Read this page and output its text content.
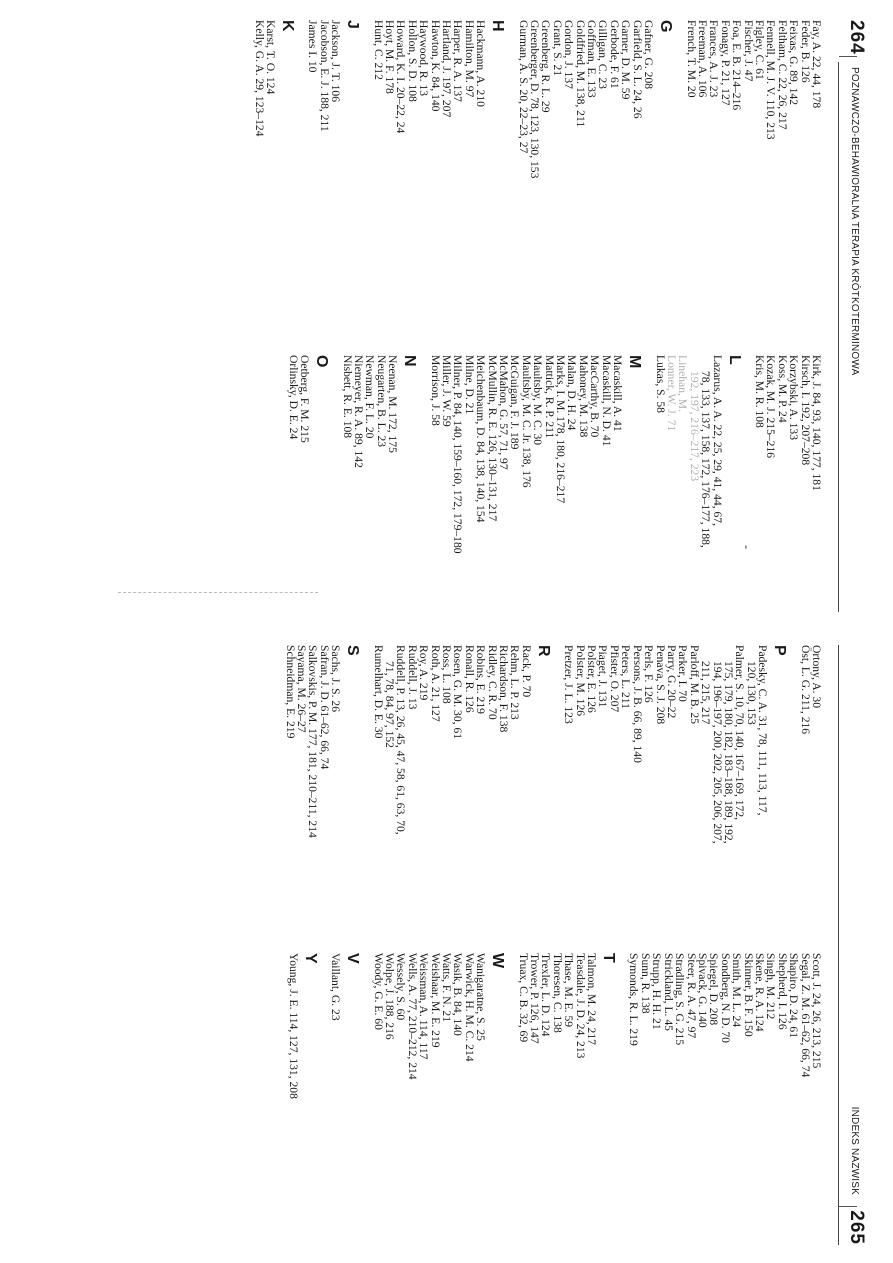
264
POZNAWCZO-BEHAWIORALNA TERAPIA KRÓTKOTERMINOWA
Fay, A. 22, 44, 178
Feder, B. 126
Feixas, G. 89, 142
Feltham, C. 22, 26, 217
Fennell, M. J. V. 110, 213
Figley, C. 61
Fischer, J. 47
Foa, E. B. 214–216
Fonagy, P. 21, 127
Frances, A. J. 23
Freeman, A. 106
French, T. M. 20
G
Gafner, G. 208
Garfield, S. L. 24, 26
Garner, D. M. 59
Gerbode, F. 61
Gilligan, C. 23
Goffman, E. 133
Goldfried, M. 138, 211
Gordon, J. 137
Grant, S. 21
Greenberg, R. L. 29
Greenberger, D. 78, 123, 130, 153
Gurman, A. S. 20, 22–23, 27
H
Hackmann, A. 210
Hamilton, M. 97
Harper, R. A. 137
Hartland, J. 197, 207
Hawton, K. 84, 140
Haywood, R. 13
Hollon, S. D. 108
Howard, K. I. 20–22, 24
Hoyt, M. F. 178
Hunt, C. 212
J
Jackson, J. T. 106
Jacobson, E. J. 188, 211
James I. 10
K
Karst, T. O. 124
Kelly, G. A. 29, 123–124
Kirk, J. 84, 93, 140, 177, 181
Kirsch, I. 192, 207–208
Korzybski, A. 133
Koss, M. P. 24
Kozak, M. J. 215–216
Kris, M. R. 108
L
Lazarus, A. A. 22, 25, 29, 41, 44, 67,
78, 133, 137, 158, 172, 176–177, 188,
192, 197, 216–217, 223
Linehan, M.
Lonner, W. J. 71
Lukas, S. 58
M
Macaskill, A. 41
Macaskill, N. D. 41
MacCarthy, B. 70
Mahoney, M. 138
Malan, D. H. 24
Marks, I. M. 178, 180, 216–217
Mattick, R. P. 211
Maultsby, M. C. 30
Maultsby, M. C. Jr. 138, 176
McGuigan, F. J. 189
McMahon, G. 57, 71, 97
McMullin, R. E. 126, 130–131, 217
Meichenbaum, D. 84, 138, 140, 154
Milne, D. 21
Milner, P. 84, 140, 159–160, 172, 179–180
Miller, J. W. 59
Morrison, J. 58
N
Neenan, M. 172, 175
Neugarten, B. L. 23
Newman, F. L. 20
Niemeyer, R. A. 89, 142
Nisbett, R. E. 108
O
Oetberg, F. M. 215
Orlinsky, D. E. 24
-
INDEKS NAZWISK
265
Ortony, A. 30
Öst, L. G. 211, 216
P
Padesky, C. A. 31, 78, 111, 113, 117,
120, 130, 153
Palmer, S. 10, 70, 140, 167–169, 172,
175, 179, 180, 182, 183–188, 189, 192,
194, 196–197, 200, 202, 205, 206, 207,
211, 215, 217
Parloff, M. B. 25
Parker, I. 70
Parry, G. 20–22
Penava, S. J. 208
Perls, F. 126
Persons, J. B. 66, 89, 140
Peters, L. 211
Pfister, O. 207
Piaget, J. 131
Polster, E. 126
Polster, M. 126
Pretzer, J. L. 123
R
Rack, P. 70
Rehm, L. P. 213
Richardson, F. 138
Ridley, C. R. 70
Robins, E. 219
Ronall, R. 126
Rosen, G. M. 30, 61
Ross, L. 108
Roth, A. 21, 127
Roy, A. 219
Ruddell, J. 13
Ruddell, P. 13, 26, 45, 47, 58, 61, 63, 70,
71, 78, 84, 97, 152
Rumelhart, D. E. 30
S
Sachs, J. S. 26
Safran, J. D. 61–62, 66, 74
Salkovskis, P. M. 177, 181, 210–211, 214
Sayama, M. 26–27
Schneidman, E. 219
Scott, J. 24, 26, 213, 215
Segal, Z. M. 61–62, 66, 74
Shapiro, D. 24, 61
Shepherd, I. 126
Singh, M. 212
Skene, R. A. 124
Skinner, B. F. 150
Smith, M. L. 24
Sondberg, N. D. 70
Spiegel, D. 208
Spivack, G. 140
Steer, R. A. 47, 97
Stradling, S. G. 215
Strickland, L. 45
Strupp, H. H. 21
Sunn, R. 138
Symonds, R. L. 219
T
Talmon, M. 24, 217
Teasdale, J. D. 24, 213
Thase, M. E. 59
Thoresen, C. 138
Trexler, L. D. 124
Trower, P. 126, 147
Truax, C. B. 32, 69
W
Wanigaratne, S. 25
Warwick, H. M. C. 214
Wasik, B. 84, 140
Watts, F. N. 21
Weishaar, M. E. 219
Weissman, A. 114, 117
Wells, A. 77, 210–212, 214
Wessely, S. 60
Wolpe, J. 188, 216
Woody, G. E. 60
V
Vaillant, G. 23
Y
Young, J. E. 114, 127, 131, 208
